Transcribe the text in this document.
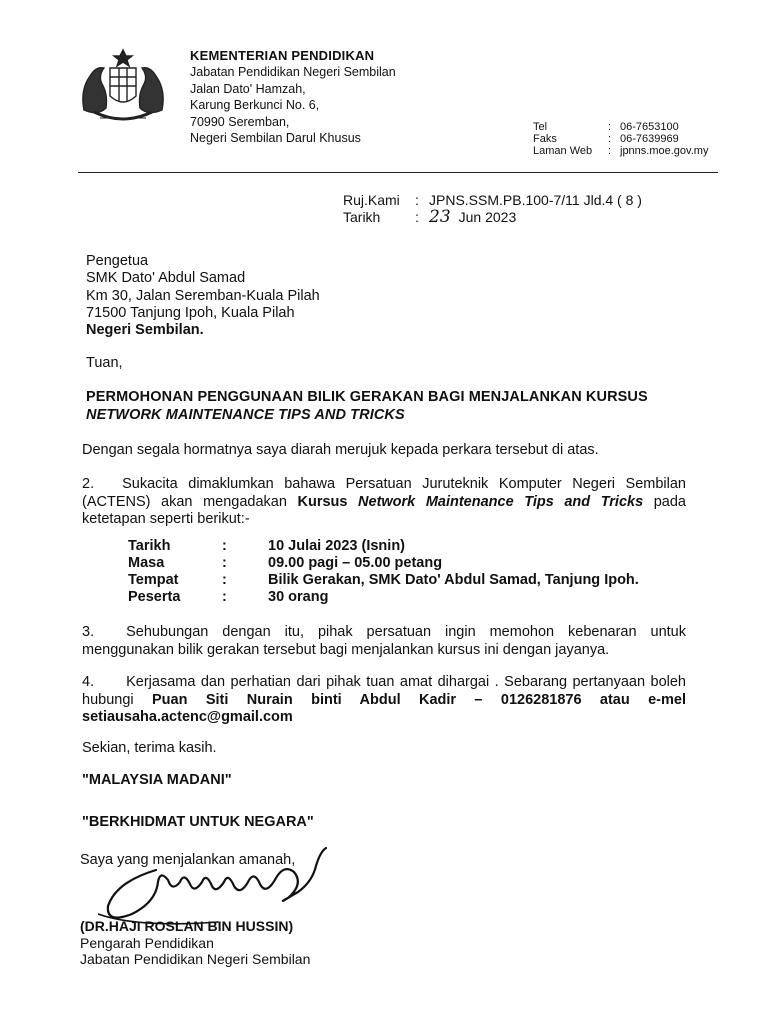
KEMENTERIAN PENDIDIKAN
Jabatan Pendidikan Negeri Sembilan
Jalan Dato' Hamzah,
Karung Berkunci No. 6,
70990 Seremban,
Negeri Sembilan Darul Khusus
Tel	: 06-7653100
Faks	: 06-7639969
Laman Web	: jpnns.moe.gov.my
Ruj.Kami	: JPNS.SSM.PB.100-7/11 Jld.4 ( 8 )
Tarikh	: 23 Jun 2023
Pengetua
SMK Dato' Abdul Samad
Km 30, Jalan Seremban-Kuala Pilah
71500 Tanjung Ipoh, Kuala Pilah
Negeri Sembilan.
Tuan,
PERMOHONAN PENGGUNAAN BILIK GERAKAN BAGI MENJALANKAN KURSUS
NETWORK MAINTENANCE TIPS AND TRICKS
Dengan segala hormatnya saya diarah merujuk kepada perkara tersebut di atas.
2. Sukacita dimaklumkan bahawa Persatuan Juruteknik Komputer Negeri Sembilan (ACTENS) akan mengadakan Kursus Network Maintenance Tips and Tricks pada ketetapan seperti berikut:-
Tarikh	:	10 Julai 2023 (Isnin)
Masa	:	09.00 pagi – 05.00 petang
Tempat	:	Bilik Gerakan, SMK Dato' Abdul Samad, Tanjung Ipoh.
Peserta	:	30 orang
3. Sehubungan dengan itu, pihak persatuan ingin memohon kebenaran untuk menggunakan bilik gerakan tersebut bagi menjalankan kursus ini dengan jayanya.
4. Kerjasama dan perhatian dari pihak tuan amat dihargai . Sebarang pertanyaan boleh hubungi Puan Siti Nurain binti Abdul Kadir – 0126281876 atau e-mel setiausaha.actenc@gmail.com
Sekian, terima kasih.
"MALAYSIA MADANI"
"BERKHIDMAT UNTUK NEGARA"
Saya yang menjalankan amanah,
(DR.HAJI ROSLAN BIN HUSSIN)
Pengarah Pendidikan
Jabatan Pendidikan Negeri Sembilan
